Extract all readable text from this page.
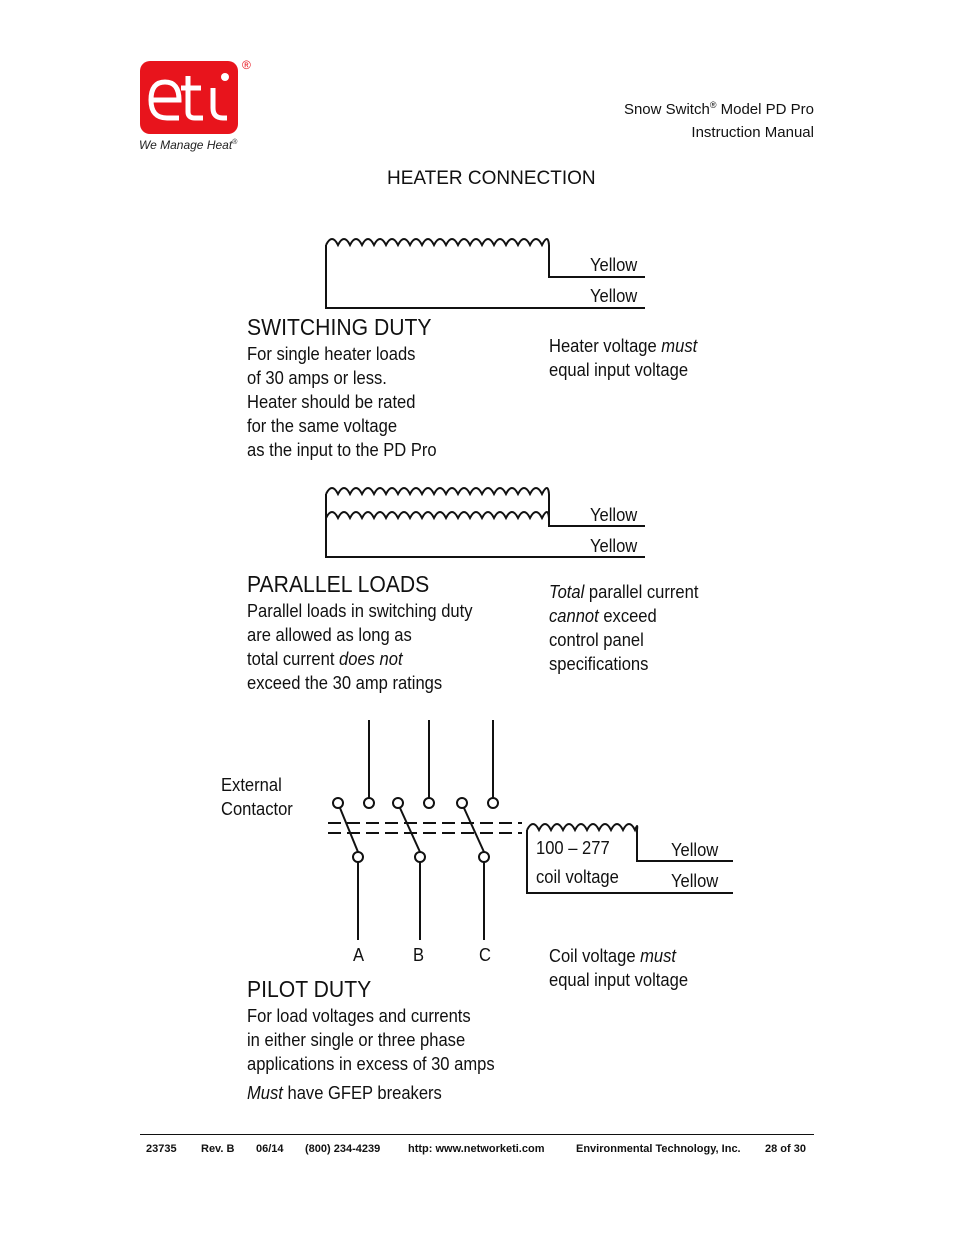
®
We Manage Heat®
Snow Switch® Model PD Pro
Instruction Manual
HEATER CONNECTION
Yellow
Yellow
SWITCHING DUTY
For single heater loads
of 30 amps or less.
Heater should be rated
for the same voltage
as the input to the PD Pro
Heater voltage must
equal input voltage
Yellow
Yellow
PARALLEL LOADS
Parallel loads in switching duty
are allowed as long as
total current does not
exceed the 30 amp ratings
Total parallel current
cannot exceed
control panel
specifications
External
Contactor
100 – 277
coil voltage
Yellow
Yellow
A	B	C	Coil voltage must
equal input voltage
PILOT DUTY
For load voltages and currents
in either single or three phase
applications in excess of 30 amps
Must have GFEP breakers
23735 Rev. B 06/14 (800) 234-4239	http: www.networketi.com	Environmental Technology, Inc. 28 of 30
